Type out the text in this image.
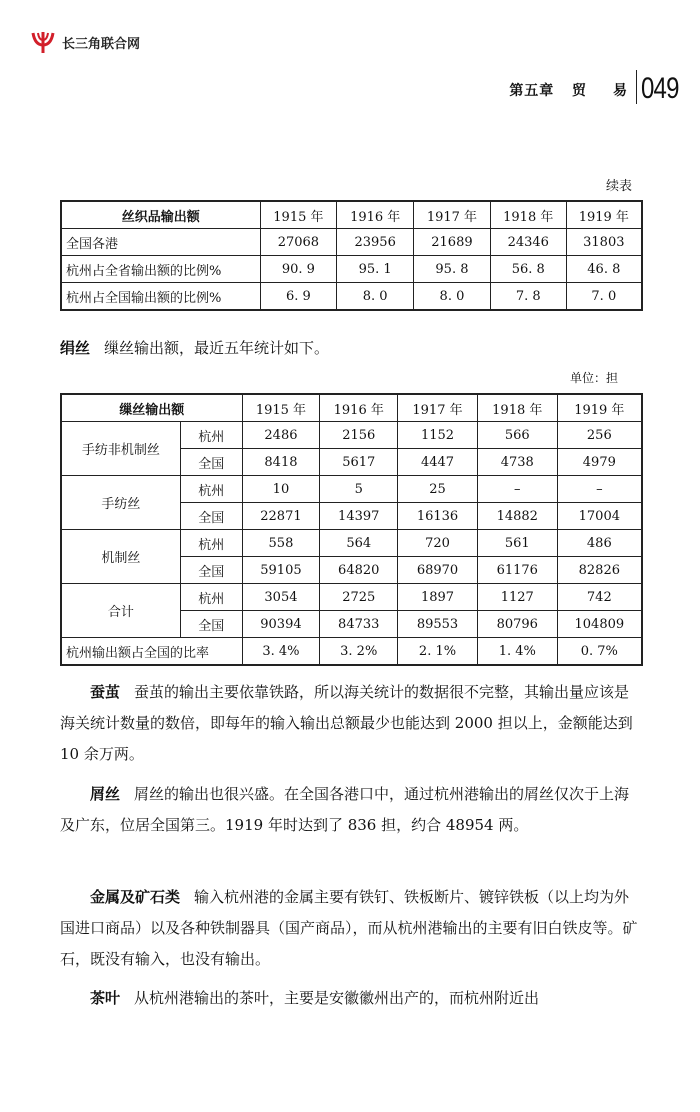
长三角联合网
第五章 贸 易 049
续表
丝织品输出额	1915 年	1916 年	1917 年	1918 年	1919 年
全国各港	27068	23956	21689	24346	31803
杭州占全省输出额的比例%	90. 9	95. 1	95. 8	56. 8	46. 8
杭州占全国输出额的比例%	6. 9	8. 0	8. 0	7. 8	7. 0
绢丝 缫丝输出额，最近五年统计如下。
单位：担
缫丝输出额		1915 年	1916 年	1917 年	1918 年	1919 年
手纺非机制丝	杭州	2486	2156	1152	566	256
	全国	8418	5617	4447	4738	4979
手纺丝	杭州	10	5	25	–	–
	全国	22871	14397	16136	14882	17004
机制丝	杭州	558	564	720	561	486
	全国	59105	64820	68970	61176	82826
合计	杭州	3054	2725	1897	1127	742
	全国	90394	84733	89553	80796	104809
杭州输出额占全国的比率		3. 4%	3. 2%	2. 1%	1. 4%	0. 7%
蚕茧 蚕茧的输出主要依靠铁路，所以海关统计的数据很不完整，其输出量应该是海关统计数量的数倍，即每年的输入输出总额最少也能达到 2000 担以上，金额能达到 10 余万两。
屑丝 屑丝的输出也很兴盛。在全国各港口中，通过杭州港输出的屑丝仅次于上海及广东，位居全国第三。1919 年时达到了 836 担，约合 48954 两。
金属及矿石类 输入杭州港的金属主要有铁钉、铁板断片、镀锌铁板（以上均为外国进口商品）以及各种铁制器具（国产商品），而从杭州港输出的主要有旧白铁皮等。矿石，既没有输入，也没有输出。
茶叶 从杭州港输出的茶叶，主要是安徽徽州出产的，而杭州附近出
